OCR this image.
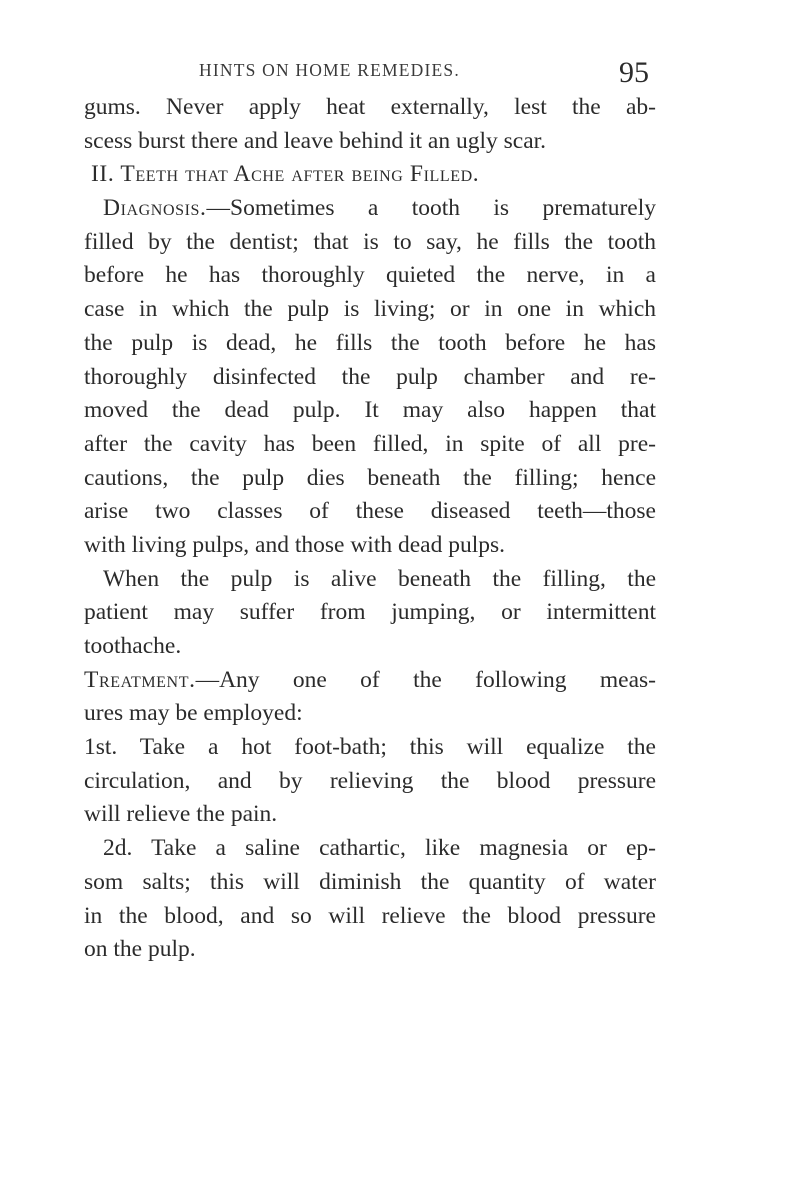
HINTS ON HOME REMEDIES.	95
gums. Never apply heat externally, lest the ab-
scess burst there and leave behind it an ugly scar.
II. Teeth that Ache after being Filled.
Diagnosis.—Sometimes a tooth is prematurely
filled by the dentist; that is to say, he fills the tooth
before he has thoroughly quieted the nerve, in a
case in which the pulp is living; or in one in which
the pulp is dead, he fills the tooth before he has
thoroughly disinfected the pulp chamber and re-
moved the dead pulp. It may also happen that
after the cavity has been filled, in spite of all pre-
cautions, the pulp dies beneath the filling; hence
arise two classes of these diseased teeth—those
with living pulps, and those with dead pulps.
When the pulp is alive beneath the filling, the
patient may suffer from jumping, or intermittent
toothache.
Treatment.—Any one of the following meas-
ures may be employed:
1st. Take a hot foot-bath; this will equalize the
circulation, and by relieving the blood pressure
will relieve the pain.
2d. Take a saline cathartic, like magnesia or ep-
som salts; this will diminish the quantity of water
in the blood, and so will relieve the blood pressure
on the pulp.
